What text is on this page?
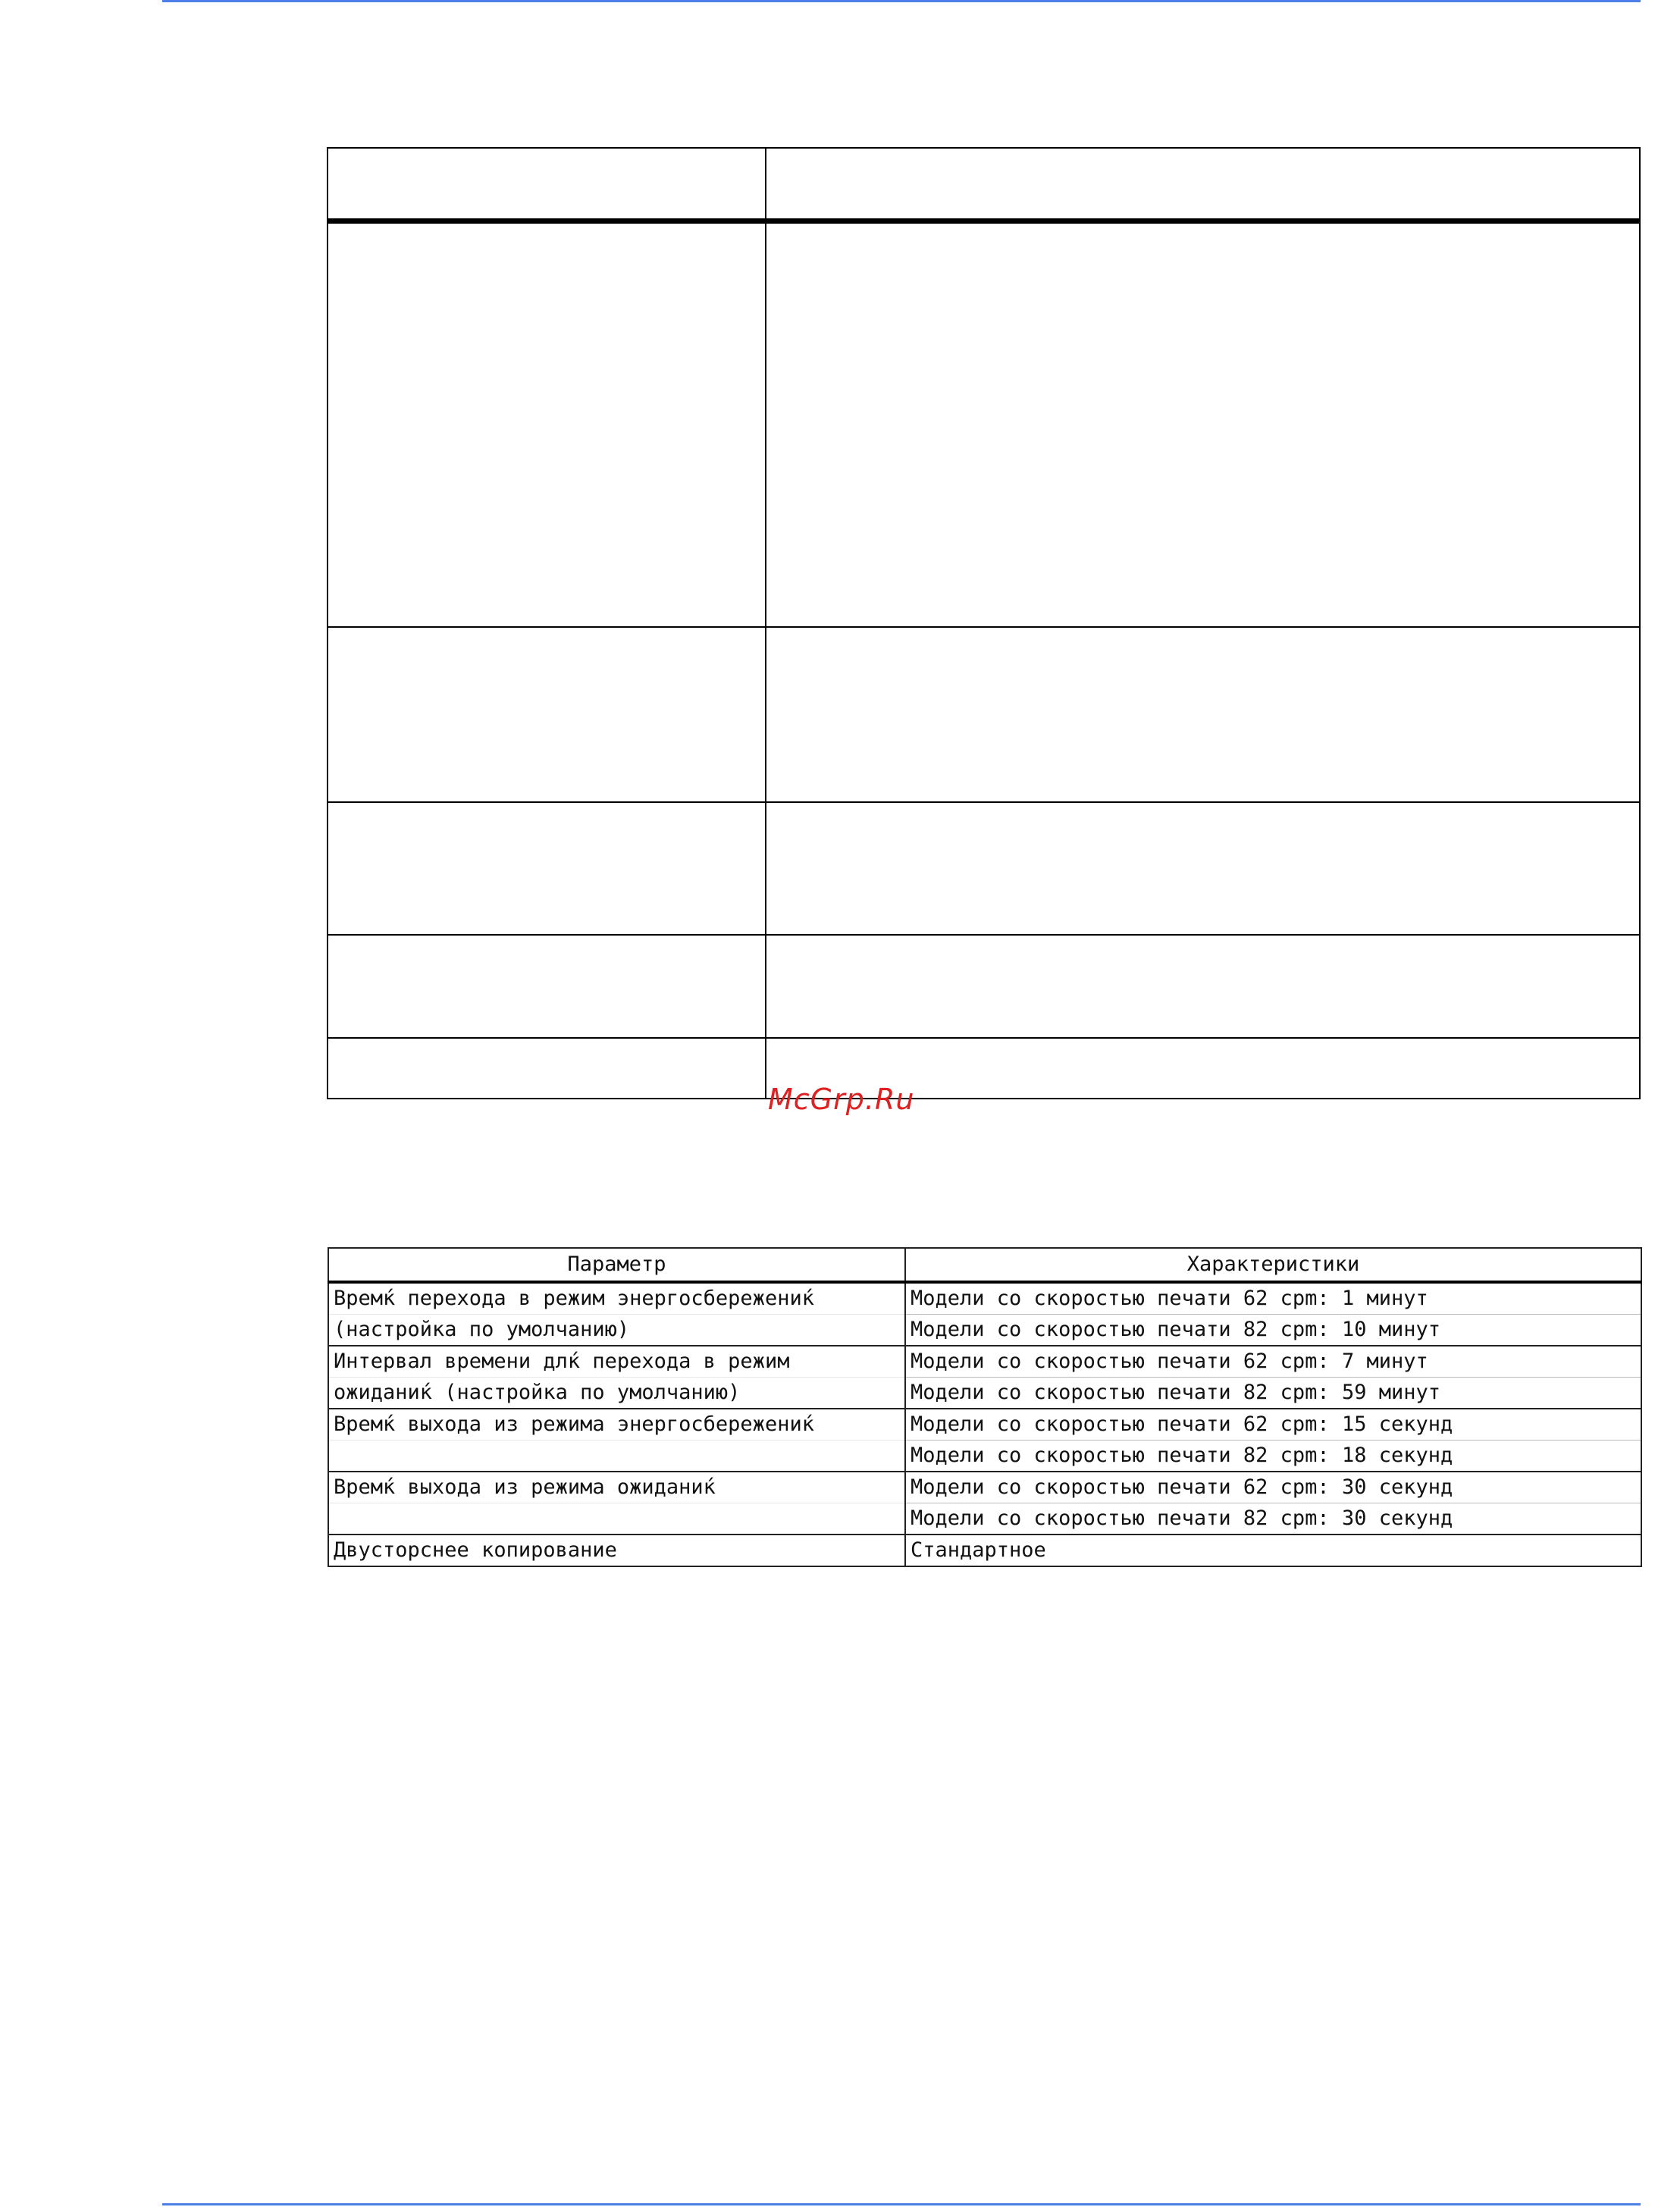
McGrp.Ru
Параметр	Характеристики
Времќ перехода в режим энергосбережениќ	Модели со скоростью печати 62 cpm: 1 минут
(настройка по умолчанию)	Модели со скоростью печати 82 cpm: 10 минут
Интервал времени длќ перехода в режим	Модели со скоростью печати 62 cpm: 7 минут
ожиданиќ (настройка по умолчанию)	Модели со скоростью печати 82 cpm: 59 минут
Времќ выхода из режима энергосбережениќ	Модели со скоростью печати 62 cpm: 15 секунд
	Модели со скоростью печати 82 cpm: 18 секунд
Времќ выхода из режима ожиданиќ	Модели со скоростью печати 62 cpm: 30 секунд
	Модели со скоростью печати 82 cpm: 30 секунд
Двусторснее копирование	Стандартное
